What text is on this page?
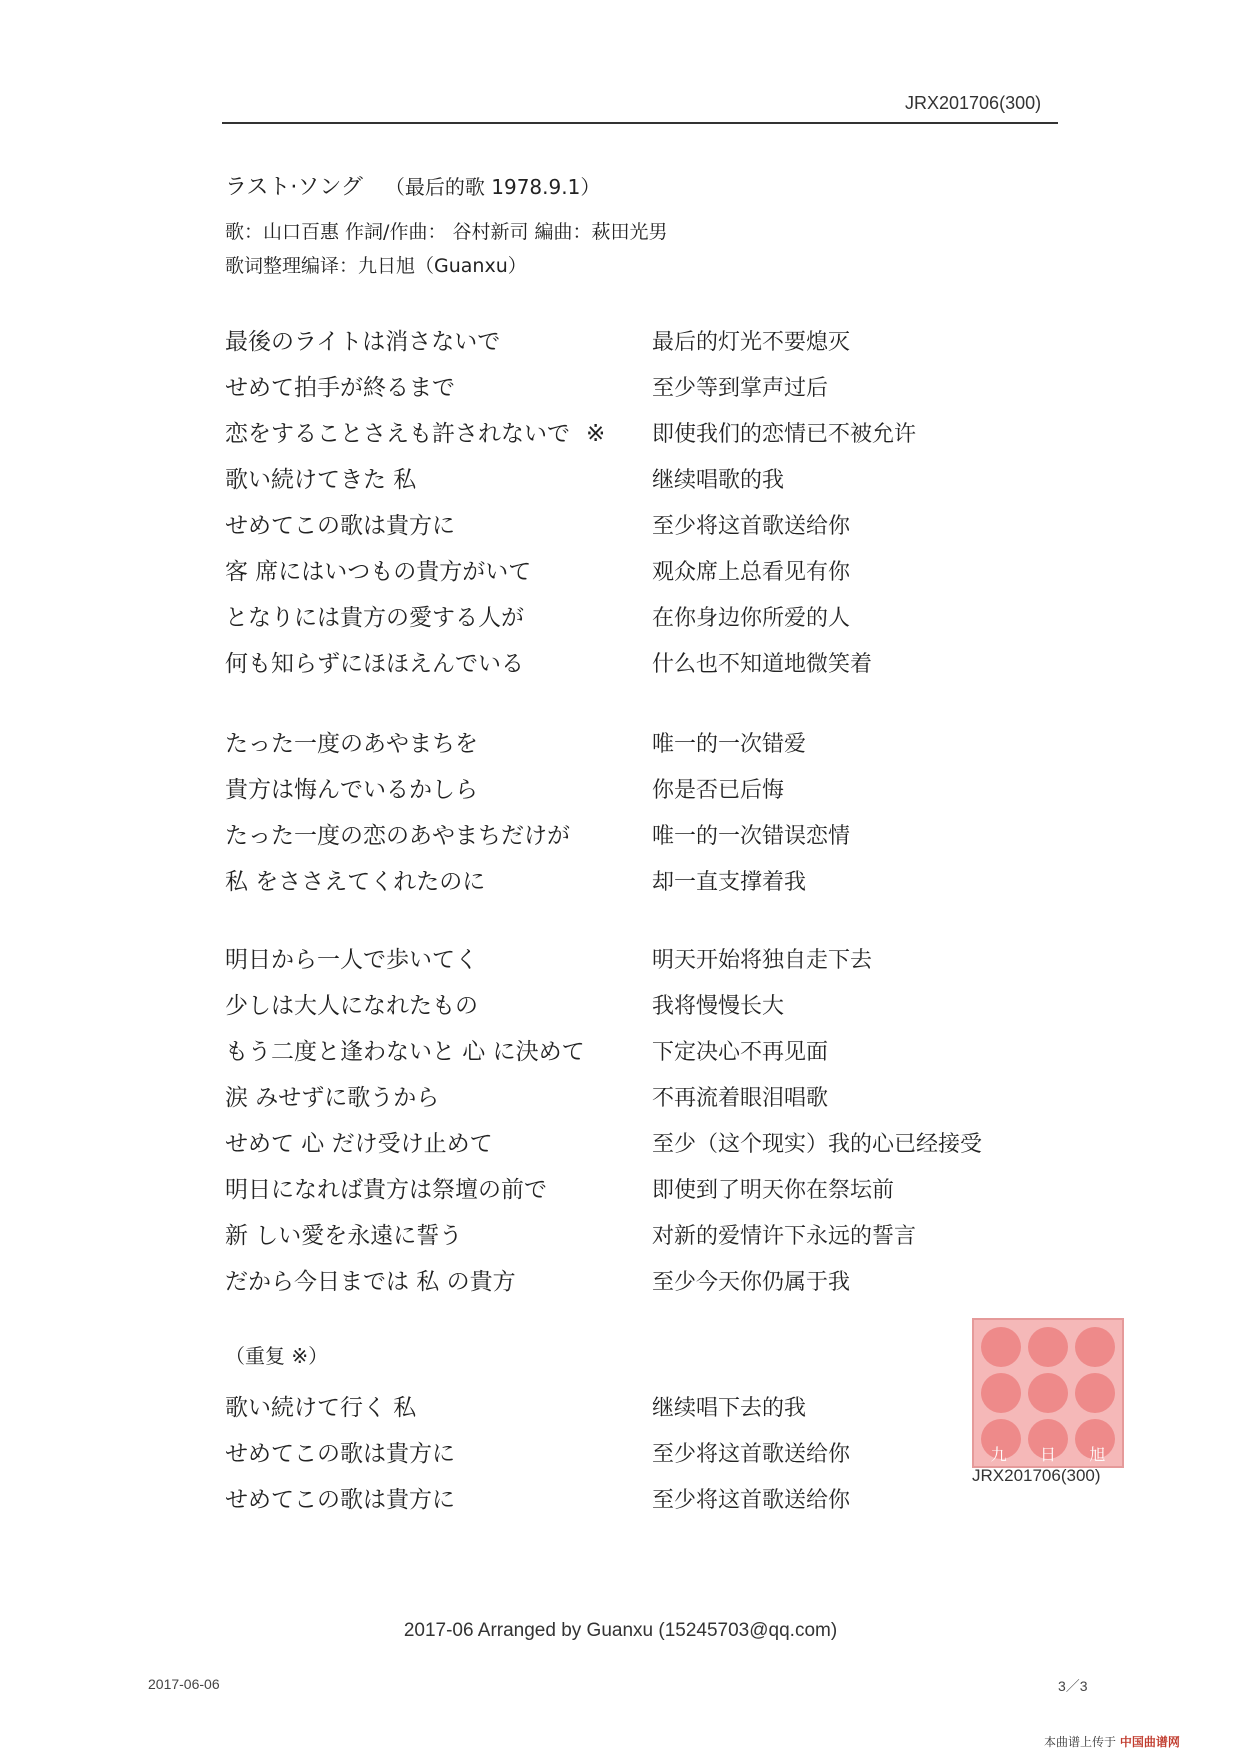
JRX201706(300)
ラスト·ソング （最后的歌 1978.9.1）
歌：山口百惠 作詞/作曲： 谷村新司 編曲：萩田光男
歌词整理编译：九日旭（Guanxu）
最後のライトは消さないで	最后的灯光不要熄灭
せめて拍手が終るまで	至少等到掌声过后
恋をすることさえも許されないで ※ 即使我们的恋情已不被允许
歌い続けてきた 私	继续唱歌的我
せめてこの歌は貴方に	至少将这首歌送给你
客 席にはいつもの貴方がいて	观众席上总看见有你
となりには貴方の愛する人が	在你身边你所爱的人
何も知らずにほほえんでいる	什么也不知道地微笑着
たった一度のあやまちを	唯一的一次错爱
貴方は悔んでいるかしら	你是否已后悔
たった一度の恋のあやまちだけが	唯一的一次错误恋情
私 をささえてくれたのに	却一直支撑着我
明日から一人で歩いてく	明天开始将独自走下去
少しは大人になれたもの	我将慢慢长大
もう二度と逢わないと 心 に決めて	下定决心不再见面
涙 みせずに歌うから	不再流着眼泪唱歌
せめて 心 だけ受け止めて	至少（这个现实）我的心已经接受
明日になれば貴方は祭壇の前で	即使到了明天你在祭坛前
新 しい愛を永遠に誓う	对新的爱情许下永远的誓言
だから今日までは 私 の貴方	至少今天你仍属于我
（重复 ※）
歌い続けて行く 私	继续唱下去的我
せめてこの歌は貴方に	至少将这首歌送给你
せめてこの歌は貴方に	至少将这首歌送给你
九 日 旭
JRX201706(300)
2017-06 Arranged by Guanxu (15245703@qq.com)
2017-06-06	3／3
本曲谱上传于 中国曲谱网
